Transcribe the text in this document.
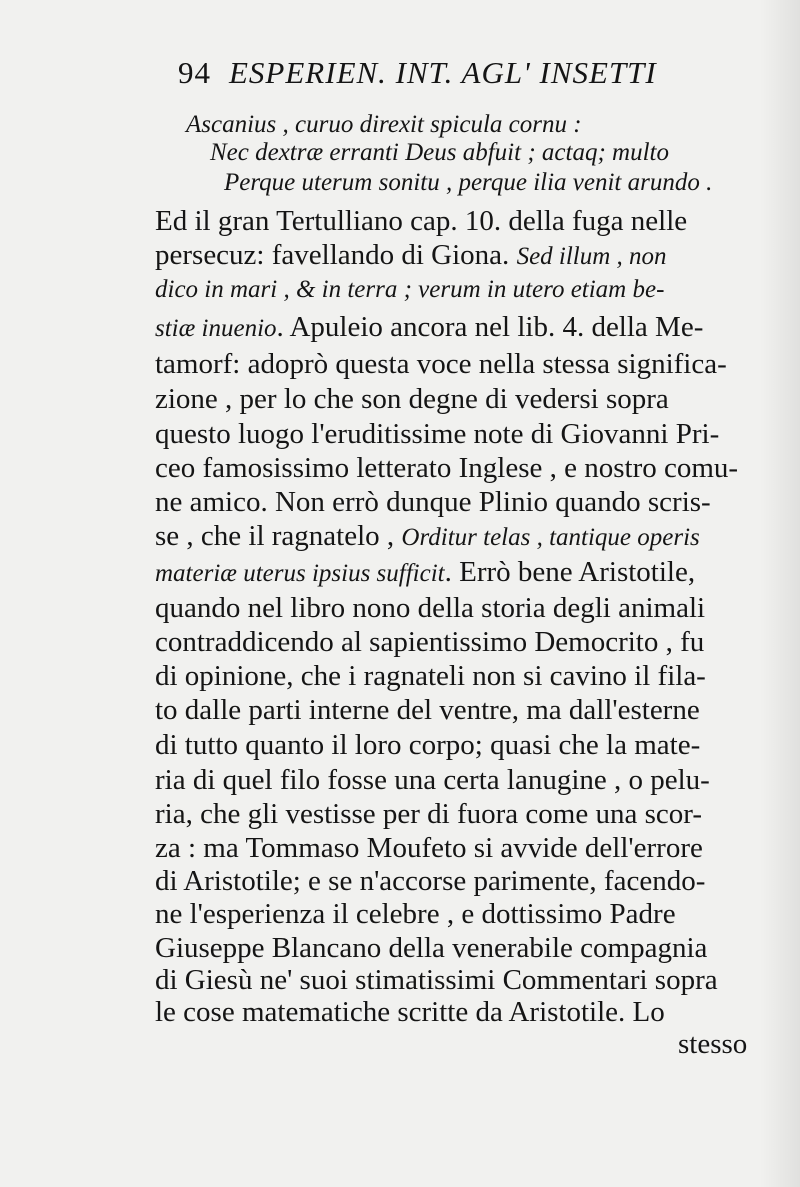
94 ESPERIEN. INT. AGL' INSETTI
Ascanius , curuo direxit spicula cornu :
Nec dextræ erranti Deus abfuit ; actaq; multo
Perque uterum sonitu , perque ilia venit arundo .
Ed il gran Tertulliano cap. 10. della fuga nelle
persecuz: favellando di Giona. Sed illum , non
dico in mari , & in terra ; verum in utero etiam be-
stiæ inuenio. Apuleio ancora nel lib. 4. della Me-
tamorf: adoprò questa voce nella stessa significa-
zione , per lo che son degne di vedersi sopra
questo luogo l'eruditissime note di Giovanni Pri-
ceo famosissimo letterato Inglese , e nostro comu-
ne amico. Non errò dunque Plinio quando scris-
se , che il ragnatelo , Orditur telas , tantique operis
materiæ uterus ipsius sufficit. Errò bene Aristotile,
quando nel libro nono della storia degli animali
contraddicendo al sapientissimo Democrito , fu
di opinione, che i ragnateli non si cavino il fila-
to dalle parti interne del ventre, ma dall'esterne
di tutto quanto il loro corpo; quasi che la mate-
ria di quel filo fosse una certa lanugine , o pelu-
ria, che gli vestisse per di fuora come una scor-
za : ma Tommaso Moufeto si avvide dell'errore
di Aristotile; e se n'accorse parimente, facendo-
ne l'esperienza il celebre , e dottissimo Padre
Giuseppe Blancano della venerabile compagnia
di Giesù ne' suoi stimatissimi Commentari sopra
le cose matematiche scritte da Aristotile. Lo
stesso
